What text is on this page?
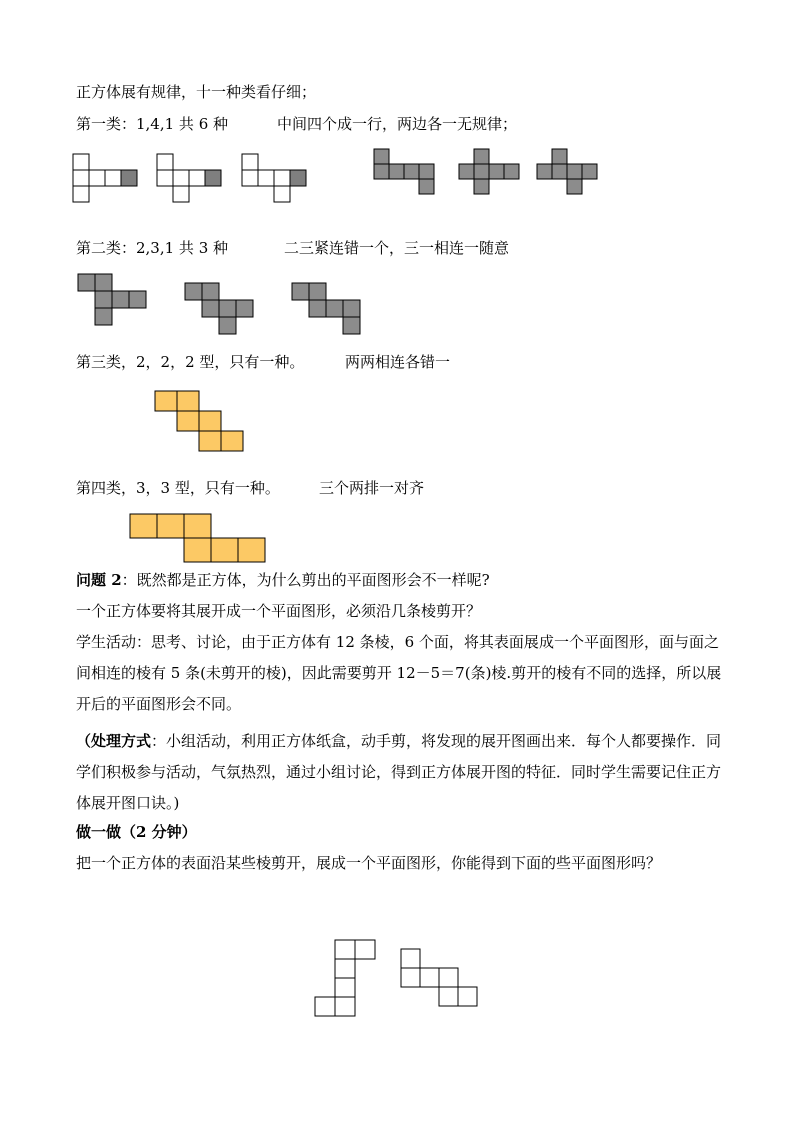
正方体展有规律，十一种类看仔细；
第一类：1,4,1 共 6 种	中间四个成一行，两边各一无规律；
第二类：2,3,1 共 3 种	二三紧连错一个，三一相连一随意
第三类，2，2，2 型，只有一种。	两两相连各错一
第四类，3，3 型，只有一种。	三个两排一对齐
问题 2：既然都是正方体，为什么剪出的平面图形会不一样呢?
一个正方体要将其展开成一个平面图形，必须沿几条棱剪开？
学生活动：思考、讨论，由于正方体有 12 条棱，6 个面，将其表面展成一个平面图形，面与面之间相连的棱有 5 条(未剪开的棱)，因此需要剪开 12－5＝7(条)棱.剪开的棱有不同的选择，所以展开后的平面图形会不同。
（处理方式：小组活动，利用正方体纸盒，动手剪，将发现的展开图画出来．每个人都要操作．同学们积极参与活动，气氛热烈，通过小组讨论，得到正方体展开图的特征．同时学生需要记住正方体展开图口诀。)
做一做（2 分钟）
把一个正方体的表面沿某些棱剪开，展成一个平面图形，你能得到下面的些平面图形吗？
